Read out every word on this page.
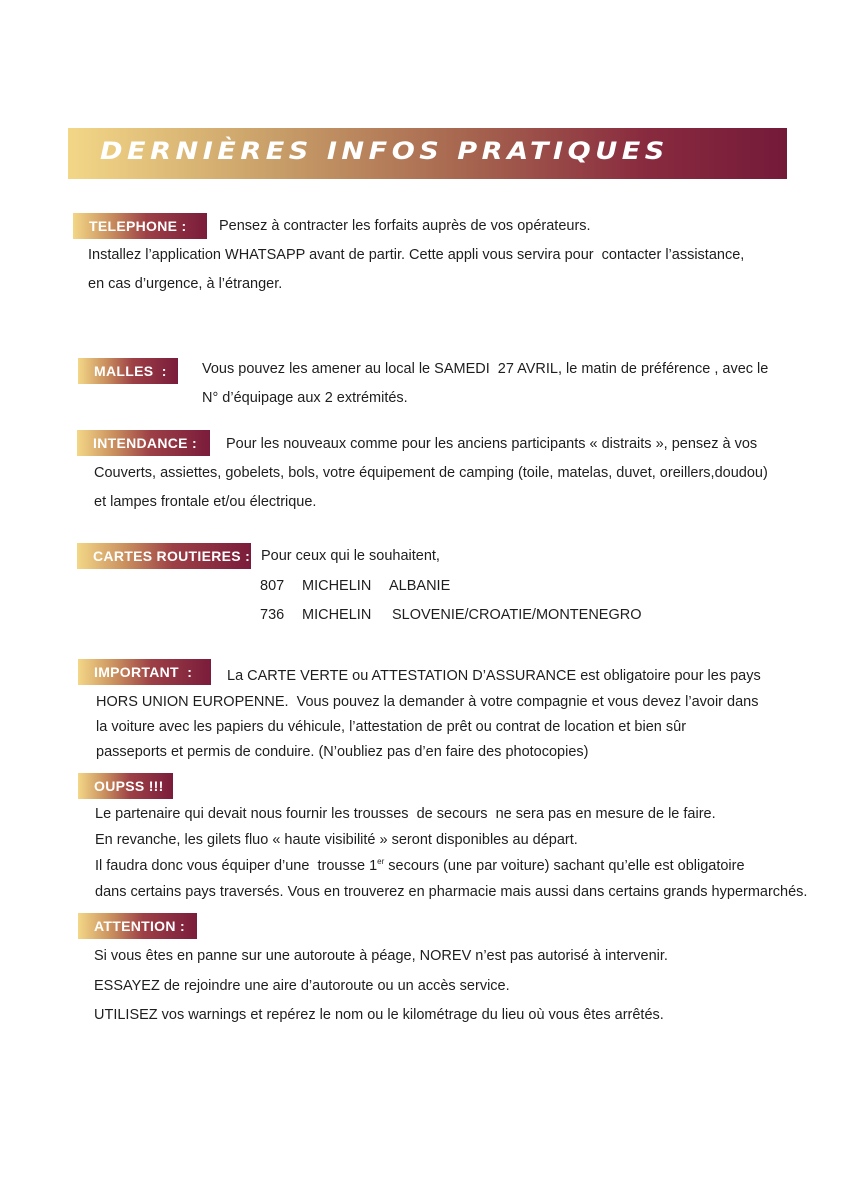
DERNIÈRES INFOS PRATIQUES
TELEPHONE :	Pensez à contracter les forfaits auprès de vos opérateurs.
Installez l’application WHATSAPP avant de partir. Cette appli vous servira pour  contacter l’assistance,
en cas d’urgence, à l’étranger.
MALLES  :	Vous pouvez les amener au local le SAMEDI  27 AVRIL, le matin de préférence , avec le
N° d’équipage aux 2 extrémités.
INTENDANCE :	Pour les nouveaux comme pour les anciens participants « distraits », pensez à vos
Couverts, assiettes, gobelets, bols, votre équipement de camping (toile, matelas, duvet, oreillers,doudou)
et lampes frontale et/ou électrique.
CARTES ROUTIERES : Pour ceux qui le souhaitent,
807 MICHELIN ALBANIE
736 MICHELIN SLOVENIE/CROATIE/MONTENEGRO
IMPORTANT  :	La CARTE VERTE ou ATTESTATION D’ASSURANCE est obligatoire pour les pays
HORS UNION EUROPENNE.  Vous pouvez la demander à votre compagnie et vous devez l’avoir dans
la voiture avec les papiers du véhicule, l’attestation de prêt ou contrat de location et bien sûr
passeports et permis de conduire. (N’oubliez pas d’en faire des photocopies)
OUPSS !!!
Le partenaire qui devait nous fournir les trousses  de secours  ne sera pas en mesure de le faire.
En revanche, les gilets fluo « haute visibilité » seront disponibles au départ.
Il faudra donc vous équiper d’une  trousse 1er secours (une par voiture) sachant qu’elle est obligatoire
dans certains pays traversés. Vous en trouverez en pharmacie mais aussi dans certains grands hypermarchés.
ATTENTION :
Si vous êtes en panne sur une autoroute à péage, NOREV n’est pas autorisé à intervenir.
ESSAYEZ de rejoindre une aire d’autoroute ou un accès service.
UTILISEZ vos warnings et repérez le nom ou le kilométrage du lieu où vous êtes arrêtés.
